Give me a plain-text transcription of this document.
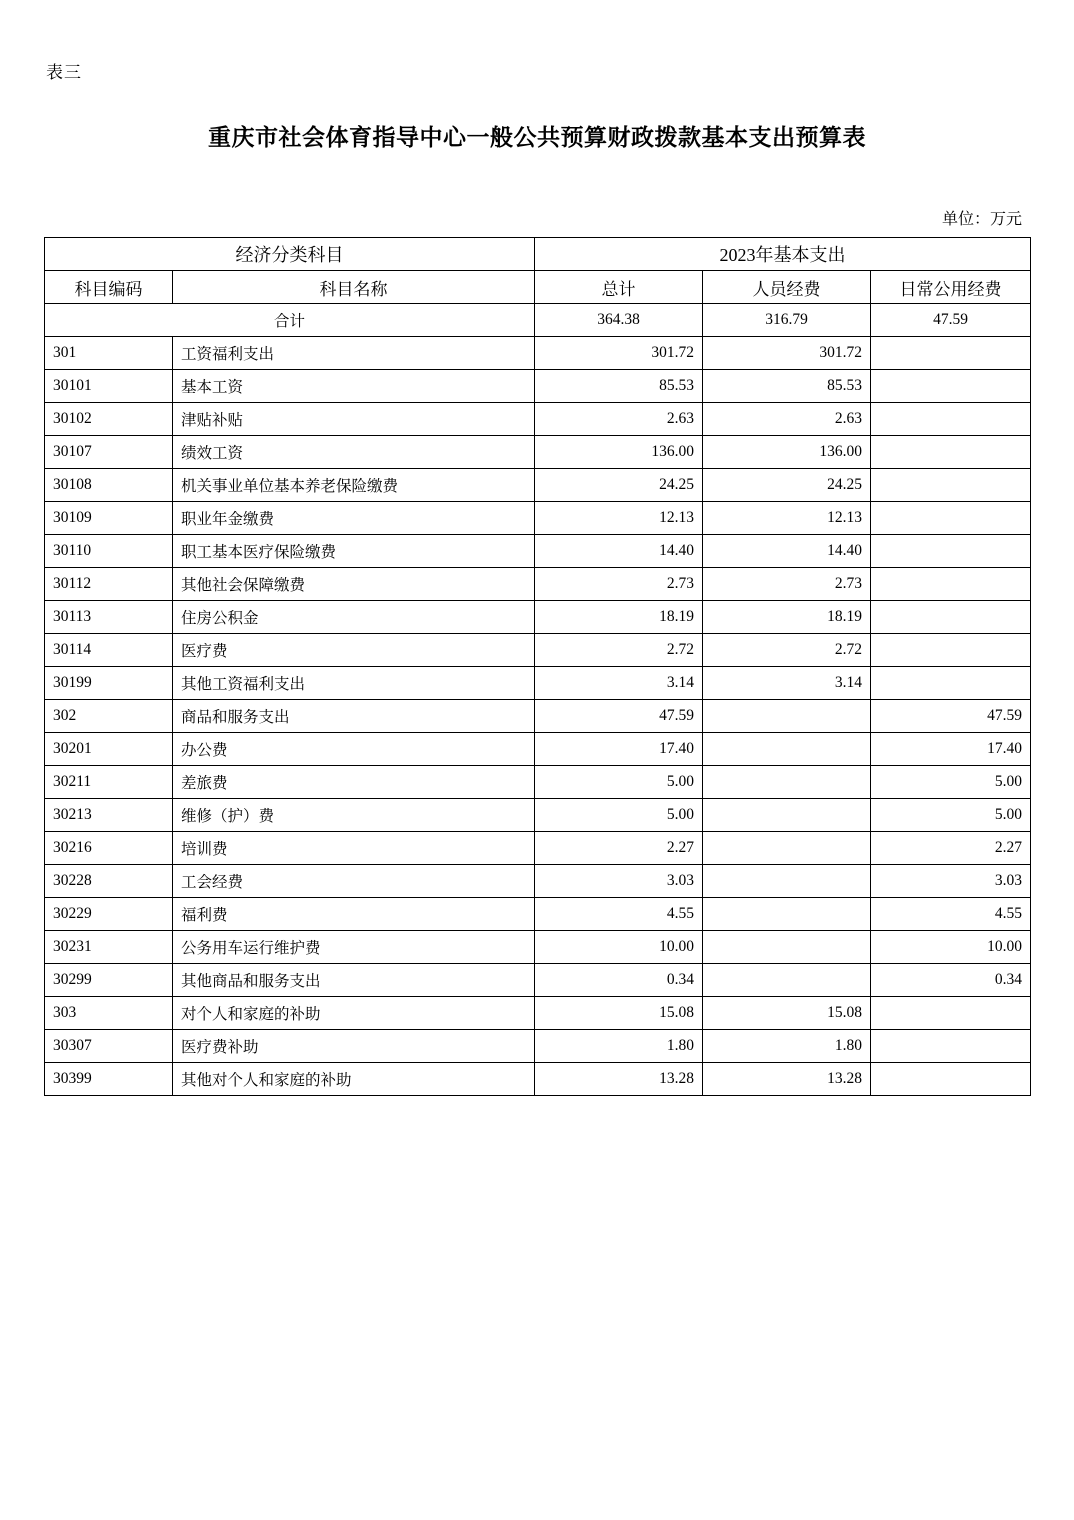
表三
重庆市社会体育指导中心一般公共预算财政拨款基本支出预算表
单位：万元
经济分类科目		2023年基本支出		
科目编码	科目名称	总计	人员经费	日常公用经费
合计		364.38	316.79	47.59
301	工资福利支出	301.72	301.72	
30101	基本工资	85.53	85.53	
30102	津贴补贴	2.63	2.63	
30107	绩效工资	136.00	136.00	
30108	机关事业单位基本养老保险缴费	24.25	24.25	
30109	职业年金缴费	12.13	12.13	
30110	职工基本医疗保险缴费	14.40	14.40	
30112	其他社会保障缴费	2.73	2.73	
30113	住房公积金	18.19	18.19	
30114	医疗费	2.72	2.72	
30199	其他工资福利支出	3.14	3.14	
302	商品和服务支出	47.59		47.59
30201	办公费	17.40		17.40
30211	差旅费	5.00		5.00
30213	维修（护）费	5.00		5.00
30216	培训费	2.27		2.27
30228	工会经费	3.03		3.03
30229	福利费	4.55		4.55
30231	公务用车运行维护费	10.00		10.00
30299	其他商品和服务支出	0.34		0.34
303	对个人和家庭的补助	15.08	15.08	
30307	医疗费补助	1.80	1.80	
30399	其他对个人和家庭的补助	13.28	13.28	
